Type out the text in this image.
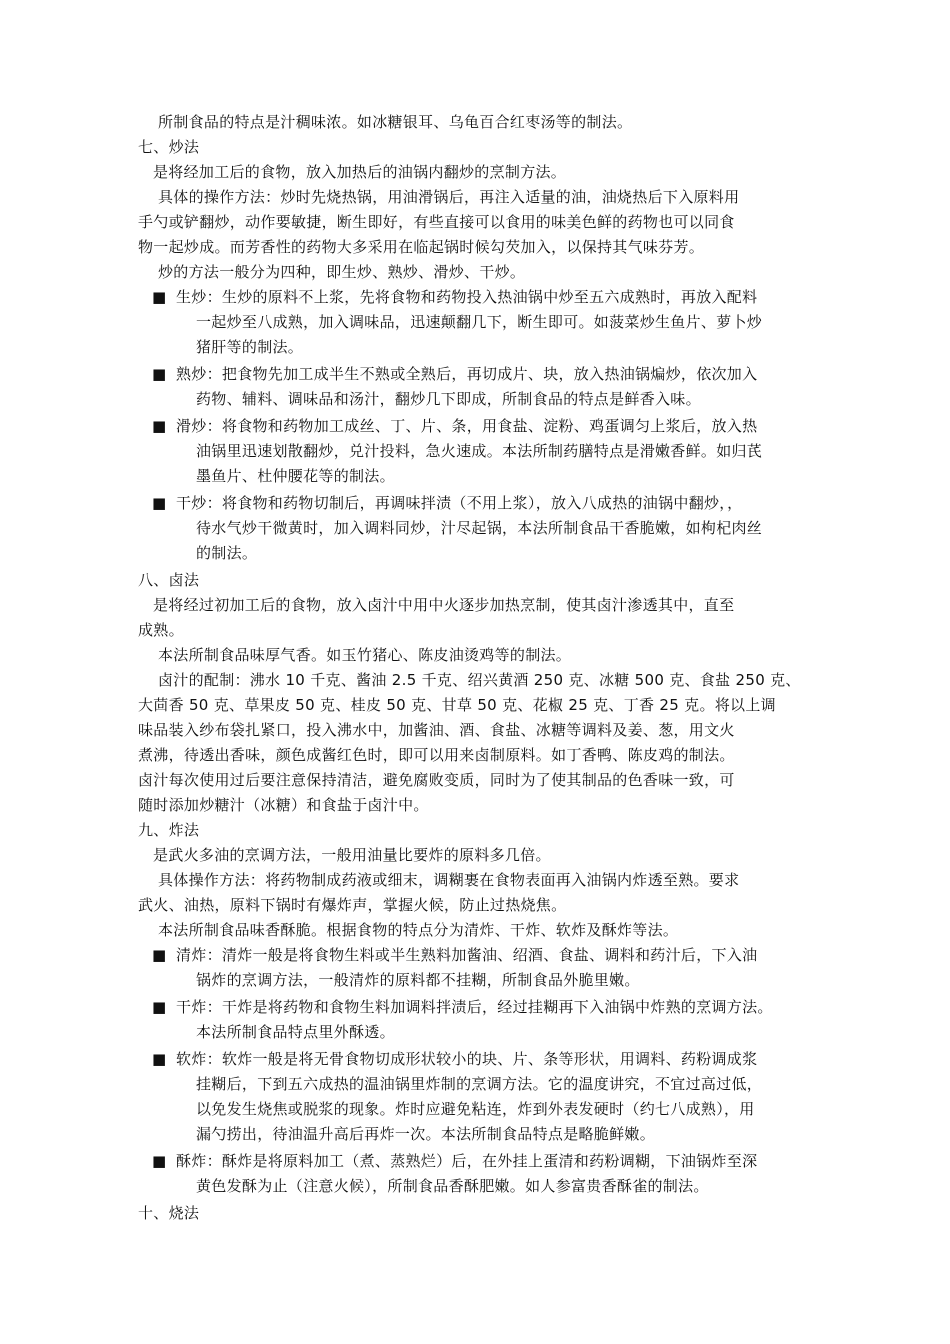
所制食品的特点是汁稠味浓。如冰糖银耳、乌龟百合红枣汤等的制法。

七、炒法

是将经加工后的食物，放入加热后的油锅内翻炒的烹制方法。

具体的操作方法：炒时先烧热锅，用油滑锅后，再注入适量的油，油烧热后下入原料用

手勺或铲翻炒，动作要敏捷，断生即好，有些直接可以食用的味美色鲜的药物也可以同食

物一起炒成。而芳香性的药物大多采用在临起锅时候勾芡加入，以保持其气味芬芳。

炒的方法一般分为四种，即生炒、熟炒、滑炒、干炒。

■ 生炒：生炒的原料不上浆，先将食物和药物投入热油锅中炒至五六成熟时，再放入配料
一起炒至八成熟，加入调味品，迅速颠翻几下，断生即可。如菠菜炒生鱼片、萝卜炒
猪肝等的制法。
■ 熟炒：把食物先加工成半生不熟或全熟后，再切成片、块，放入热油锅煸炒，依次加入
药物、辅料、调味品和汤汁，翻炒几下即成，所制食品的特点是鲜香入味。
■ 滑炒：将食物和药物加工成丝、丁、片、条，用食盐、淀粉、鸡蛋调匀上浆后，放入热
油锅里迅速划散翻炒，兑汁投料，急火速成。本法所制药膳特点是滑嫩香鲜。如归芪
墨鱼片、杜仲腰花等的制法。
■ 干炒：将食物和药物切制后，再调味拌渍（不用上浆），放入八成热的油锅中翻炒，，
待水气炒干微黄时，加入调料同炒，汁尽起锅，本法所制食品干香脆嫩，如枸杞肉丝
的制法。

八、卤法

是将经过初加工后的食物，放入卤汁中用中火逐步加热烹制，使其卤汁渗透其中，直至

成熟。

本法所制食品味厚气香。如玉竹猪心、陈皮油烫鸡等的制法。

卤汁的配制：沸水 10 千克、酱油 2.5 千克、绍兴黄酒 250 克、冰糖 500 克、食盐 250 克、

大茴香 50 克、草果皮 50 克、桂皮 50 克、甘草 50 克、花椒 25 克、丁香 25 克。将以上调

味品装入纱布袋扎紧口，投入沸水中，加酱油、酒、食盐、冰糖等调料及姜、葱，用文火

煮沸，待透出香味，颜色成酱红色时，即可以用来卤制原料。如丁香鸭、陈皮鸡的制法。

卤汁每次使用过后要注意保持清洁，避免腐败变质，同时为了使其制品的色香味一致，可

随时添加炒糖汁（冰糖）和食盐于卤汁中。

九、炸法

是武火多油的烹调方法，一般用油量比要炸的原料多几倍。

具体操作方法：将药物制成药液或细末，调糊裹在食物表面再入油锅内炸透至熟。要求

武火、油热，原料下锅时有爆炸声，掌握火候，防止过热烧焦。

本法所制食品味香酥脆。根据食物的特点分为清炸、干炸、软炸及酥炸等法。

■ 清炸：清炸一般是将食物生料或半生熟料加酱油、绍酒、食盐、调料和药汁后，下入油
锅炸的烹调方法，一般清炸的原料都不挂糊，所制食品外脆里嫩。
■ 干炸：干炸是将药物和食物生料加调料拌渍后，经过挂糊再下入油锅中炸熟的烹调方法。
本法所制食品特点里外酥透。
■ 软炸：软炸一般是将无骨食物切成形状较小的块、片、条等形状，用调料、药粉调成浆
挂糊后，下到五六成热的温油锅里炸制的烹调方法。它的温度讲究，不宜过高过低，
以免发生烧焦或脱浆的现象。炸时应避免粘连，炸到外表发硬时（约七八成熟），用
漏勺捞出，待油温升高后再炸一次。本法所制食品特点是略脆鲜嫩。
■ 酥炸：酥炸是将原料加工（煮、蒸熟烂）后，在外挂上蛋清和药粉调糊，下油锅炸至深
黄色发酥为止（注意火候），所制食品香酥肥嫩。如人参富贵香酥雀的制法。

十、烧法
